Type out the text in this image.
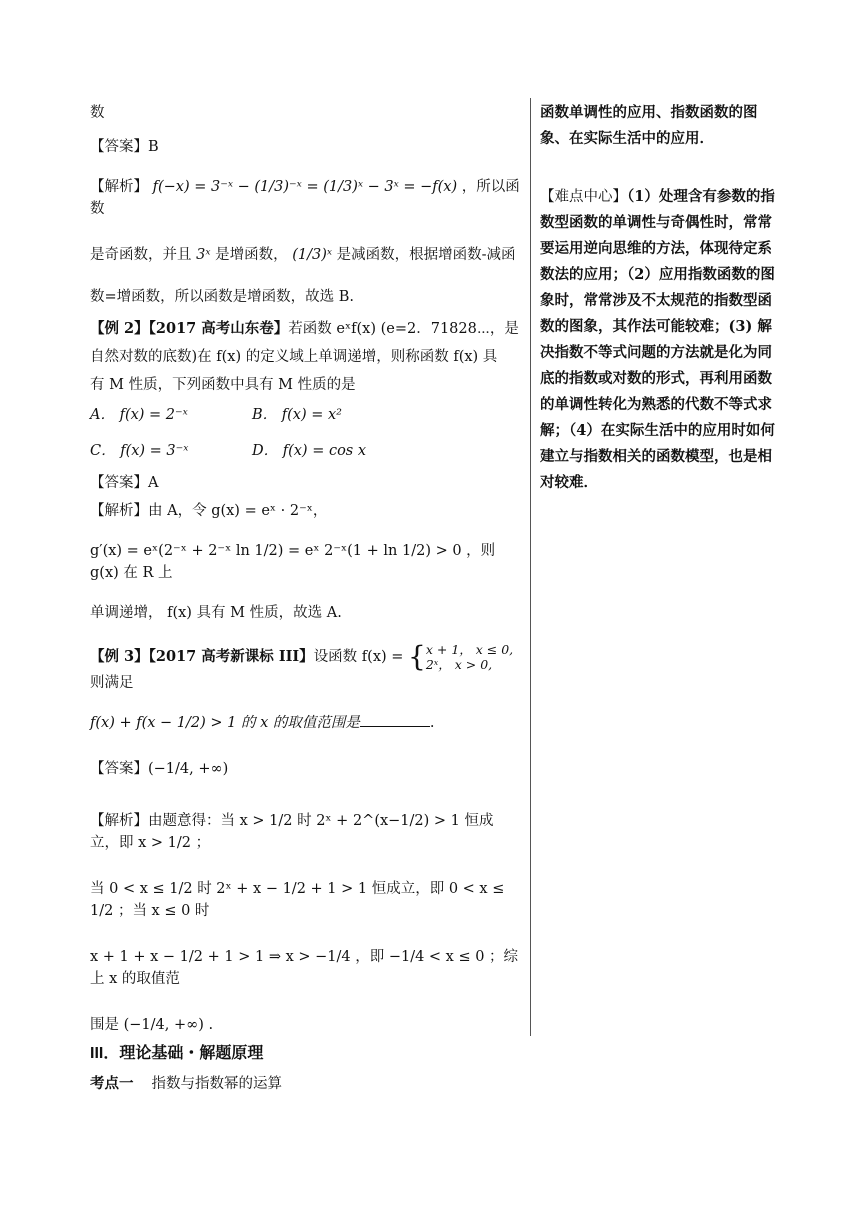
数

【答案】B

【解析】 f(−x) = 3⁻ˣ − (1/3)⁻ˣ = (1/3)ˣ − 3ˣ = −f(x) ，所以函数

是奇函数，并且 3ˣ 是增函数， (1/3)ˣ 是减函数，根据增函数-减函

数=增函数，所以函数是增函数，故选 B.

【例 2】【2017 高考山东卷】若函数 eˣf(x) (e=2．71828⋯，是

自然对数的底数)在 f(x) 的定义域上单调递增，则称函数 f(x) 具

有 M 性质，下列函数中具有 M 性质的是

A． f(x) = 2⁻ˣ	B． f(x) = x²

C． f(x) = 3⁻ˣ	D． f(x) = cos x

【答案】A

【解析】由 A，令 g(x) = eˣ · 2⁻ˣ，

g′(x) = eˣ(2⁻ˣ + 2⁻ˣ ln 1/2) = eˣ 2⁻ˣ(1 + ln 1/2) > 0 ，则 g(x) 在 R 上

单调递增， f(x) 具有 M 性质，故选 A.

【例 3】【2017 高考新课标 III】设函数 f(x) = { x + 1， x ≤ 0,
2ˣ， x > 0,
则满足

f(x) + f(x − 1/2) > 1 的 x 的取值范围是	.

【答案】(−1/4, +∞)

【解析】由题意得：当 x > 1/2 时 2ˣ + 2^(x−1/2) > 1 恒成立，即 x > 1/2 ；

当 0 < x ≤ 1/2 时 2ˣ + x − 1/2 + 1 > 1 恒成立，即 0 < x ≤ 1/2 ；当 x ≤ 0 时

x + 1 + x − 1/2 + 1 > 1 ⇒ x > −1/4 ，即 −1/4 < x ≤ 0 ；综上 x 的取值范

围是 (−1/4, +∞) .

函数单调性的应用、指数函数的图象、在实际生活中的应用．

【难点中心】（1）处理含有参数的指数型函数的单调性与奇偶性时，常常要运用逆向思维的方法，体现待定系数法的应用；（2）应用指数函数的图象时，常常涉及不太规范的指数型函数的图象，其作法可能较难；(3) 解决指数不等式问题的方法就是化为同底的指数或对数的形式，再利用函数的单调性转化为熟悉的代数不等式求解；（4）在实际生活中的应用时如何建立与指数相关的函数模型，也是相对较难．

III．理论基础・解题原理
考点一 指数与指数幂的运算
